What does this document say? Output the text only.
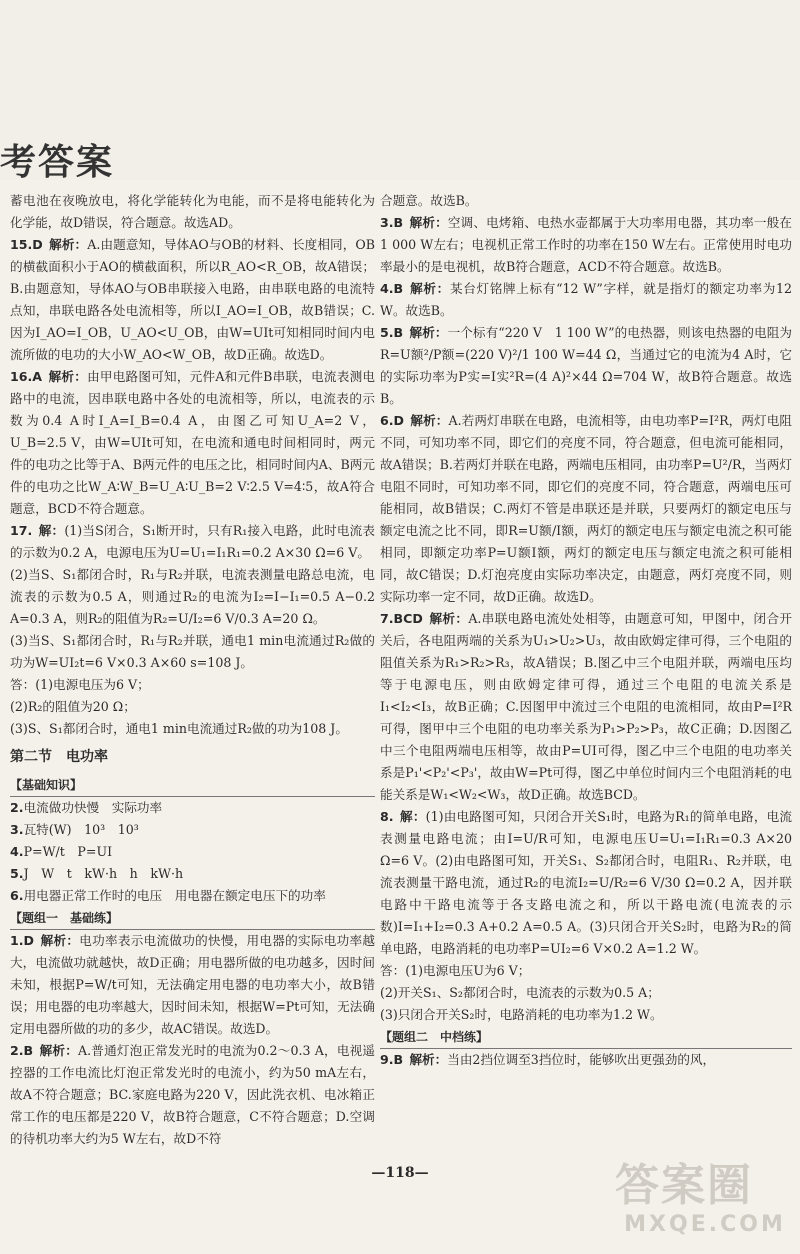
考答案

蓄电池在夜晚放电，将化学能转化为电能，而不是将电能转化为化学能，故D错误，符合题意。故选AD。

15.D  解析：A.由题意知，导体AO与OB的材料、长度相同，OB的横截面积小于AO的横截面积，所以R_AO<R_OB，故A错误；B.由题意知，导体AO与OB串联接入电路，由串联电路的电流特点知，串联电路各处电流相等，所以I_AO=I_OB，故B错误；C.因为I_AO=I_OB，U_AO<U_OB，由W=UIt可知相同时间内电流所做的电功的大小W_AO<W_OB，故D正确。故选D。

16.A  解析：由甲电路图可知，元件A和元件B串联，电流表测电路中的电流，因串联电路中各处的电流相等，所以，电流表的示数为0.4 A时I_A=I_B=0.4 A，由图乙可知U_A=2 V，U_B=2.5 V，由W=UIt可知，在电流和通电时间相同时，两元件的电功之比等于A、B两元件的电压之比，相同时间内A、B两元件的电功之比W_A∶W_B=U_A∶U_B=2 V∶2.5 V=4∶5，故A符合题意，BCD不符合题意。

17.  解：(1)当S闭合，S₁断开时，只有R₁接入电路，此时电流表的示数为0.2 A，电源电压为U=U₁=I₁R₁=0.2 A×30 Ω=6 V。

(2)当S、S₁都闭合时，R₁与R₂并联，电流表测量电路总电流，电流表的示数为0.5 A，则通过R₂的电流为I₂=I−I₁=0.5 A−0.2 A=0.3 A，则R₂的阻值为R₂=U/I₂=6 V/0.3 A=20 Ω。

(3)当S、S₁都闭合时，R₁与R₂并联，通电1 min电流通过R₂做的功为W=UI₂t=6 V×0.3 A×60 s=108 J。

答：(1)电源电压为6 V；

(2)R₂的阻值为20 Ω；

(3)S、S₁都闭合时，通电1 min电流通过R₂做的功为108 J。

第二节　电功率

【基础知识】

2.电流做功快慢　实际功率

3.瓦特(W)　10³　10³

4.P=W/t　P=UI

5.J　W　t　kW·h　h　kW·h

6.用电器正常工作时的电压　用电器在额定电压下的功率

【题组一　基础练】

1.D  解析：电功率表示电流做功的快慢，用电器的实际电功率越大，电流做功就越快，故D正确；用电器所做的电功越多，因时间未知，根据P=W/t可知，无法确定用电器的电功率大小，故B错误；用电器的电功率越大，因时间未知，根据W=Pt可知，无法确定用电器所做的功的多少，故AC错误。故选D。

2.B  解析：A.普通灯泡正常发光时的电流为0.2～0.3 A，电视遥控器的工作电流比灯泡正常发光时的电流小，约为50 mA左右，故A不符合题意；BC.家庭电路为220 V，因此洗衣机、电冰箱正常工作的电压都是220 V，故B符合题意，C不符合题意；D.空调的待机功率大约为5 W左右，故D不符

合题意。故选B。

3.B  解析：空调、电烤箱、电热水壶都属于大功率用电器，其功率一般在1 000 W左右；电视机正常工作时的功率在150 W左右。正常使用时电功率最小的是电视机，故B符合题意，ACD不符合题意。故选B。

4.B  解析：某台灯铭牌上标有“12 W”字样，就是指灯的额定功率为12 W。故选B。

5.B  解析：一个标有“220 V　1 100 W”的电热器，则该电热器的电阻为R=U额²/P额=(220 V)²/1 100 W=44 Ω，当通过它的电流为4 A时，它的实际功率为P实=I实²R=(4 A)²×44 Ω=704 W，故B符合题意。故选B。

6.D  解析：A.若两灯串联在电路，电流相等，由电功率P=I²R，两灯电阻不同，可知功率不同，即它们的亮度不同，符合题意，但电流可能相同，故A错误；B.若两灯并联在电路，两端电压相同，由功率P=U²/R，当两灯电阻不同时，可知功率不同，即它们的亮度不同，符合题意，两端电压可能相同，故B错误；C.两灯不管是串联还是并联，只要两灯的额定电压与额定电流之比不同，即R=U额/I额，两灯的额定电压与额定电流之积可能相同，即额定功率P=U额I额，两灯的额定电压与额定电流之积可能相同，故C错误；D.灯泡亮度由实际功率决定，由题意，两灯亮度不同，则实际功率一定不同，故D正确。故选D。

7.BCD  解析：A.串联电路电流处处相等，由题意可知，甲图中，闭合开关后，各电阻两端的关系为U₁>U₂>U₃，故由欧姆定律可得，三个电阻的阻值关系为R₁>R₂>R₃，故A错误；B.图乙中三个电阻并联，两端电压均等于电源电压，则由欧姆定律可得，通过三个电阻的电流关系是I₁<I₂<I₃，故B正确；C.因图甲中流过三个电阻的电流相同，故由P=I²R可得，图甲中三个电阻的电功率关系为P₁>P₂>P₃，故C正确；D.因图乙中三个电阻两端电压相等，故由P=UI可得，图乙中三个电阻的电功率关系是P₁'<P₂'<P₃'，故由W=Pt可得，图乙中单位时间内三个电阻消耗的电能关系是W₁<W₂<W₃，故D正确。故选BCD。

8.  解：(1)由电路图可知，只闭合开关S₁时，电路为R₁的简单电路，电流表测量电路电流；由I=U/R可知，电源电压U=U₁=I₁R₁=0.3 A×20 Ω=6 V。(2)由电路图可知，开关S₁、S₂都闭合时，电阻R₁、R₂并联，电流表测量干路电流，通过R₂的电流I₂=U/R₂=6 V/30 Ω=0.2 A，因并联电路中干路电流等于各支路电流之和，所以干路电流(电流表的示数)I=I₁+I₂=0.3 A+0.2 A=0.5 A。(3)只闭合开关S₂时，电路为R₂的简单电路，电路消耗的电功率P=UI₂=6 V×0.2 A=1.2 W。

答：(1)电源电压U为6 V；

(2)开关S₁、S₂都闭合时，电流表的示数为0.5 A；

(3)只闭合开关S₂时，电路消耗的电功率为1.2 W。

【题组二　中档练】

9.B  解析：当由2挡位调至3挡位时，能够吹出更强劲的风，

—118—	答案圈
MXQE.COM
